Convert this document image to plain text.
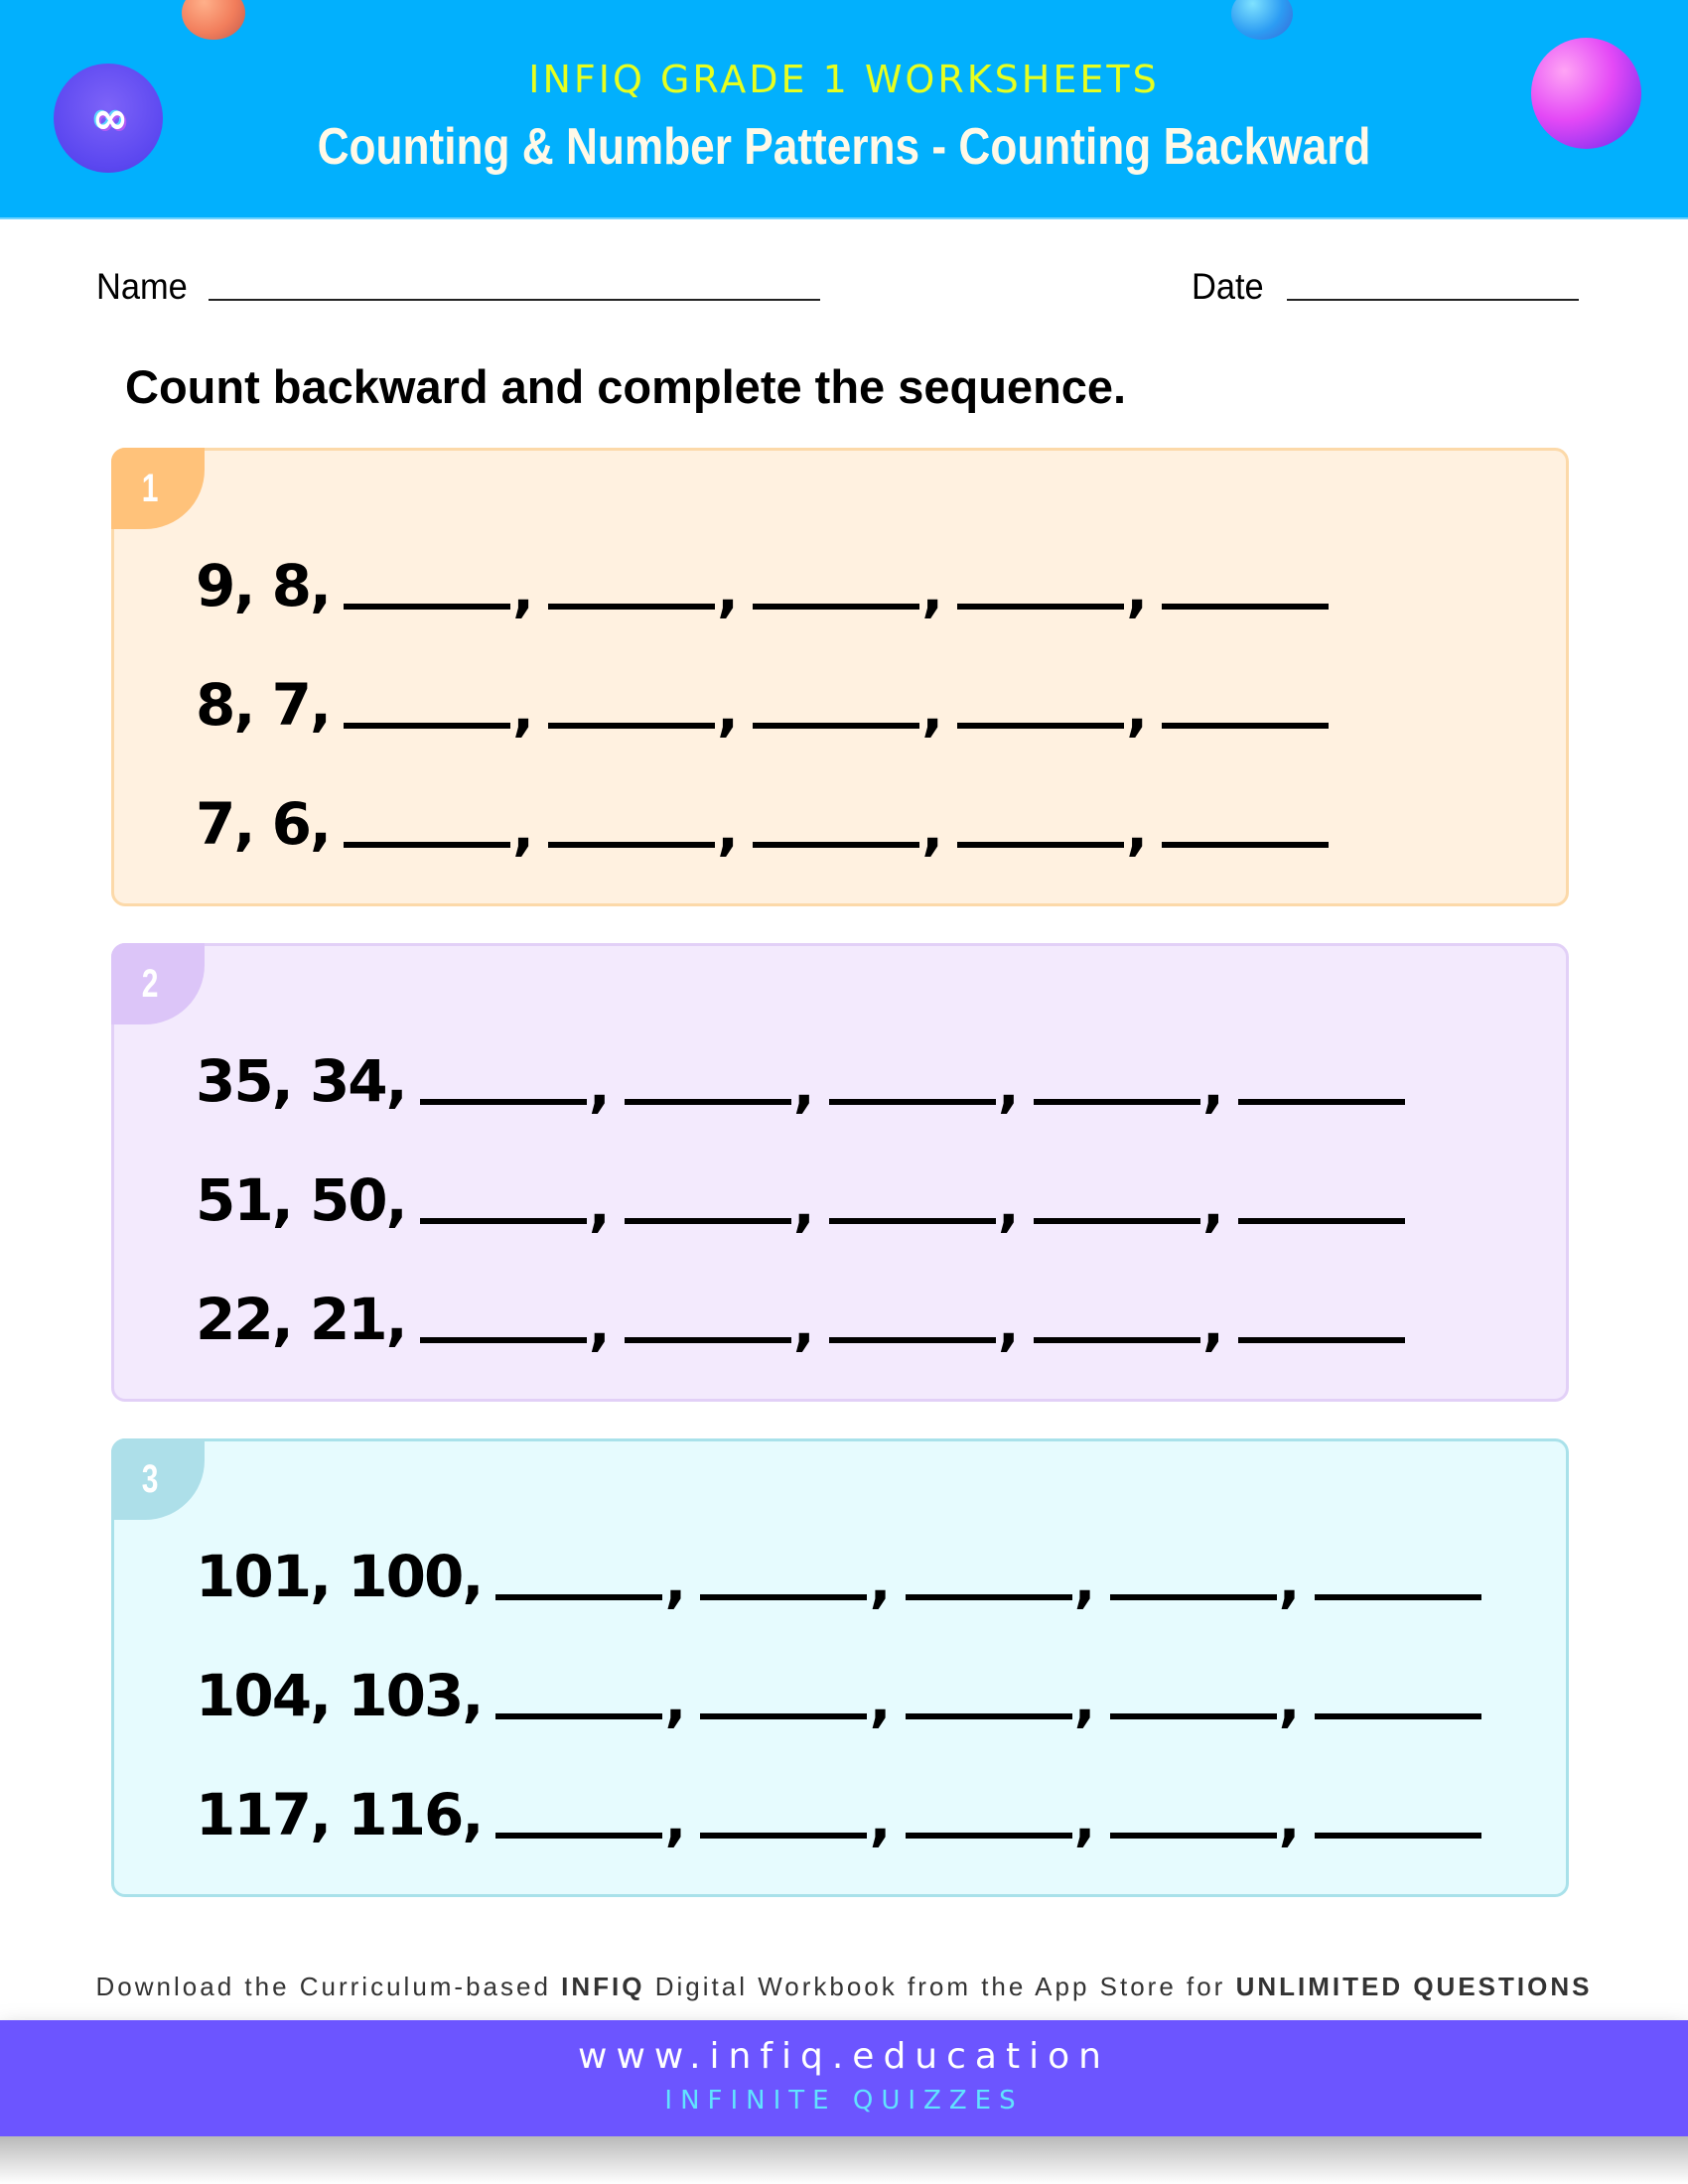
∞
INFIQ GRADE 1 WORKSHEETS
Counting & Number Patterns - Counting Backward
Name	Date
Count backward and complete the sequence.
1
9, 8,	,	,	,	,
8, 7,	,	,	,	,
7, 6,	,	,	,	,
2
35, 34,	,	,	,	,
51, 50,	,	,	,	,
22, 21,	,	,	,	,
3
101, 100,	,	,	,	,
104, 103,	,	,	,	,
117, 116,	,	,	,	,
Download the Curriculum-based INFIQ Digital Workbook from the App Store for UNLIMITED QUESTIONS
www.infiq.education
INFINITE QUIZZES
